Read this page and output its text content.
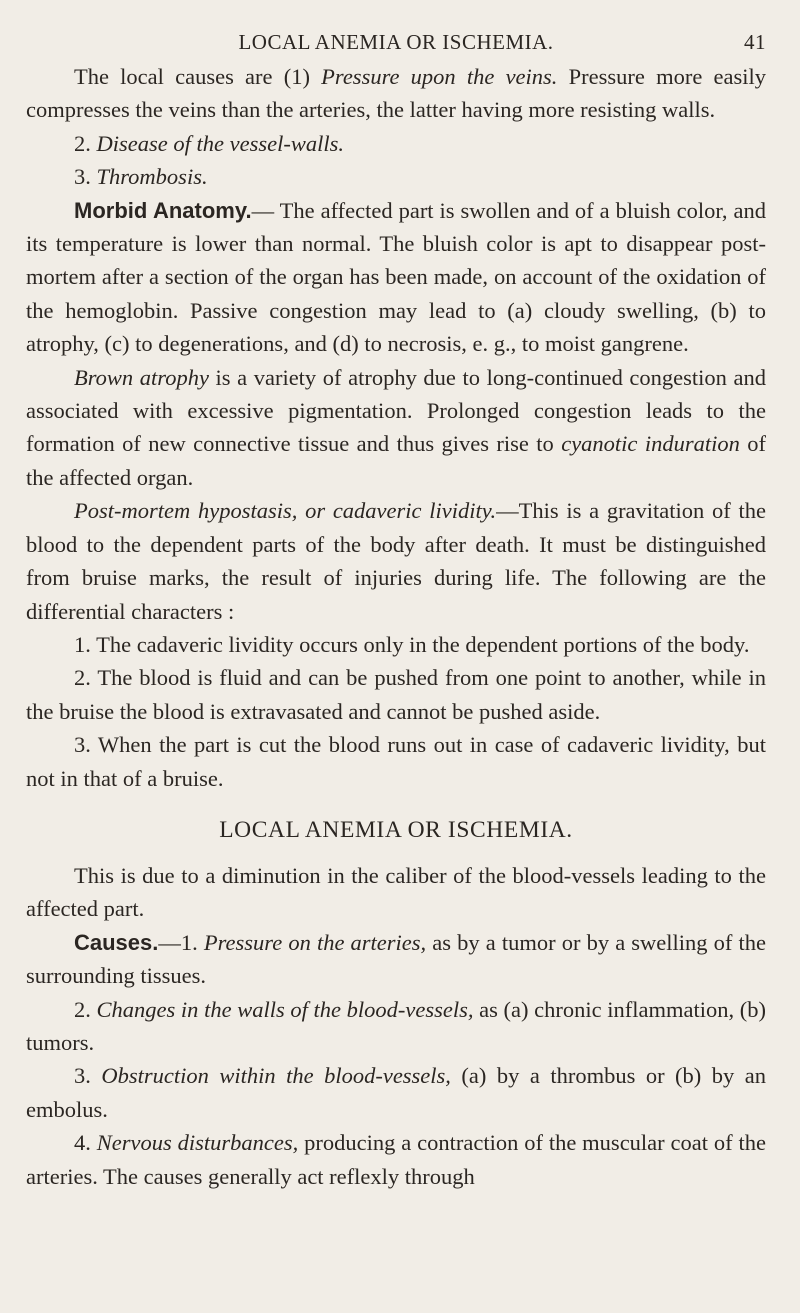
LOCAL ANEMIA OR ISCHEMIA.	41

The local causes are (1) Pressure upon the veins. Pressure more easily compresses the veins than the arteries, the latter having more resisting walls.

2. Disease of the vessel-walls.

3. Thrombosis.

Morbid Anatomy.— The affected part is swollen and of a bluish color, and its temperature is lower than normal. The bluish color is apt to disappear post-mortem after a section of the organ has been made, on account of the oxidation of the hemoglobin. Passive congestion may lead to (a) cloudy swelling, (b) to atrophy, (c) to degenerations, and (d) to necrosis, e. g., to moist gangrene.

Brown atrophy is a variety of atrophy due to long-continued congestion and associated with excessive pigmentation. Prolonged congestion leads to the formation of new connective tissue and thus gives rise to cyanotic induration of the affected organ.

Post-mortem hypostasis, or cadaveric lividity.—This is a gravitation of the blood to the dependent parts of the body after death. It must be distinguished from bruise marks, the result of injuries during life. The following are the differential characters :

1. The cadaveric lividity occurs only in the dependent portions of the body.

2. The blood is fluid and can be pushed from one point to another, while in the bruise the blood is extravasated and cannot be pushed aside.

3. When the part is cut the blood runs out in case of cadaveric lividity, but not in that of a bruise.

LOCAL ANEMIA OR ISCHEMIA.

This is due to a diminution in the caliber of the blood-vessels leading to the affected part.

Causes.—1. Pressure on the arteries, as by a tumor or by a swelling of the surrounding tissues.

2. Changes in the walls of the blood-vessels, as (a) chronic inflammation, (b) tumors.

3. Obstruction within the blood-vessels, (a) by a thrombus or (b) by an embolus.

4. Nervous disturbances, producing a contraction of the muscular coat of the arteries. The causes generally act reflexly through
